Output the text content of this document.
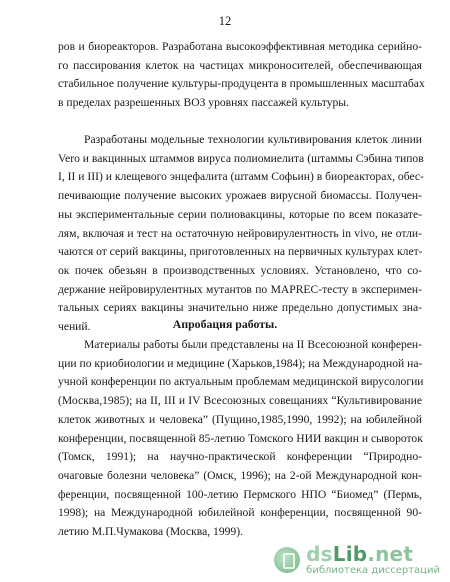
12
ров и биореакторов. Разработана высокоэффективная методика серийно-
го пассирования клеток на частицах микроносителей, обеспечивающая
стабильное получение культуры-продуцента в промышленных масштабах
в пределах разрешенных ВОЗ уровнях пассажей культуры.
Разработаны модельные технологии культивирования клеток линии
Vero и вакцинных штаммов вируса полиомиелита (штаммы Сэбина типов
I, II и III) и клещевого энцефалита (штамм Софьин) в биореакторах, обес-
печивающие получение высоких урожаев вирусной биомассы. Получен-
ны экспериментальные серии полиовакцины, которые по всем показате-
лям, включая и тест на остаточную нейровирулентность in vivo, не отли-
чаются от серий вакцины, приготовленных на первичных культурах клет-
ок почек обезьян в производственных условиях. Установлено, что со-
держание нейровирулентных мутантов по MAPREC-тесту в эксперимен-
тальных сериях вакцины значительно ниже предельно допустимых зна-
чений.	Апробация работы.
Материалы работы были представлены на II Всесоюзной конферен-
ции по криобиологии и медицине (Харьков,1984); на Международной на-
учной конференции по актуальным проблемам медицинской вирусологии
(Москва,1985); на II, III и IV Всесоюзных совещаниях “Культивирование
клеток животных и человека” (Пущино,1985,1990, 1992); на юбилейной
конференции, посвященной 85-летию Томского НИИ вакцин и сывороток
(Томск, 1991); на научно-практической конференции “Природно-
очаговые болезни человека” (Омск, 1996); на 2-ой Международной кон-
ференции, посвященной 100-летию Пермского НПО “Биомед” (Пермь,
1998); на Международной юбилейной конференции, посвященной 90-
летию М.П.Чумакова (Москва, 1999).
dsLib.net
библиотека диссертаций
